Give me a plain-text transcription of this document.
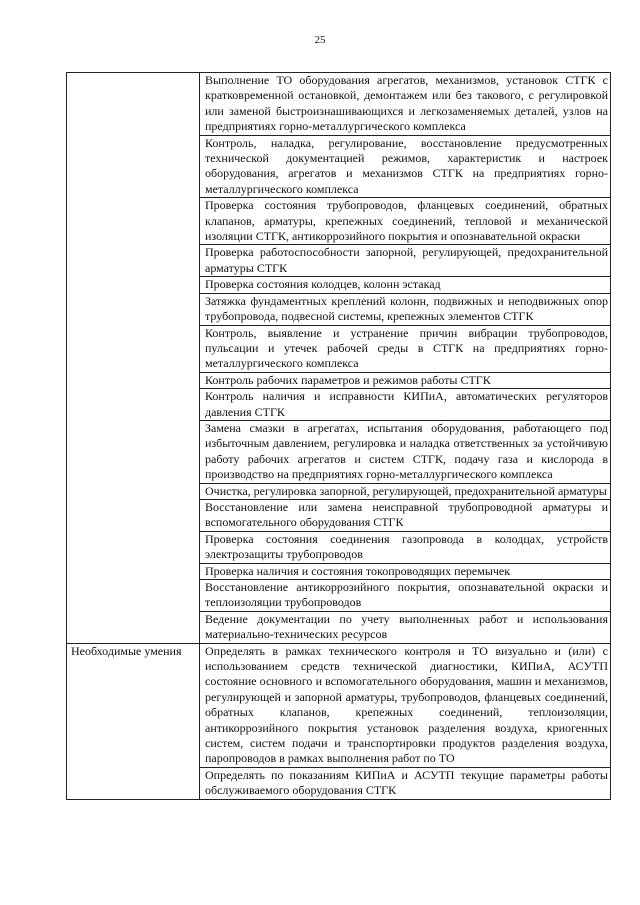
25
	Выполнение ТО оборудования агрегатов, механизмов, установок СТГК с кратковременной остановкой, демонтажем или без такового, с регулировкой или заменой быстроизнашивающихся и легкозаменяемых деталей, узлов на предприятиях горно-металлургического комплекса
	Контроль, наладка, регулирование, восстановление предусмотренных технической документацией режимов, характеристик и настроек оборудования, агрегатов и механизмов СТГК на предприятиях горно-металлургического комплекса
	Проверка состояния трубопроводов, фланцевых соединений, обратных клапанов, арматуры, крепежных соединений, тепловой и механической изоляции СТГК, антикоррозийного покрытия и опознавательной окраски
	Проверка работоспособности запорной, регулирующей, предохранительной арматуры СТГК
	Проверка состояния колодцев, колонн эстакад
	Затяжка фундаментных креплений колонн, подвижных и неподвижных опор трубопровода, подвесной системы, крепежных элементов СТГК
	Контроль, выявление и устранение причин вибрации трубопроводов, пульсации и утечек рабочей среды в СТГК на предприятиях горно-металлургического комплекса
	Контроль рабочих параметров и режимов работы СТГК
	Контроль наличия и исправности КИПиА, автоматических регуляторов давления СТГК
	Замена смазки в агрегатах, испытания оборудования, работающего под избыточным давлением, регулировка и наладка ответственных за устойчивую работу рабочих агрегатов и систем СТГК, подачу газа и кислорода в производство на предприятиях горно-металлургического комплекса
	Очистка, регулировка запорной, регулирующей, предохранительной арматуры
	Восстановление или замена неисправной трубопроводной арматуры и вспомогательного оборудования СТГК
	Проверка состояния соединения газопровода в колодцах, устройств электрозащиты трубопроводов
	Проверка наличия и состояния токопроводящих перемычек
	Восстановление антикоррозийного покрытия, опознавательной окраски и теплоизоляции трубопроводов
	Ведение документации по учету выполненных работ и использования материально-технических ресурсов
Необходимые умения	Определять в рамках технического контроля и ТО визуально и (или) с использованием средств технической диагностики, КИПиА, АСУТП состояние основного и вспомогательного оборудования, машин и механизмов, регулирующей и запорной арматуры, трубопроводов, фланцевых соединений, обратных клапанов, крепежных соединений, теплоизоляции, антикоррозийного покрытия установок разделения воздуха, криогенных систем, систем подачи и транспортировки продуктов разделения воздуха, паропроводов в рамках выполнения работ по ТО
	Определять по показаниям КИПиА и АСУТП текущие параметры работы обслуживаемого оборудования СТГК
